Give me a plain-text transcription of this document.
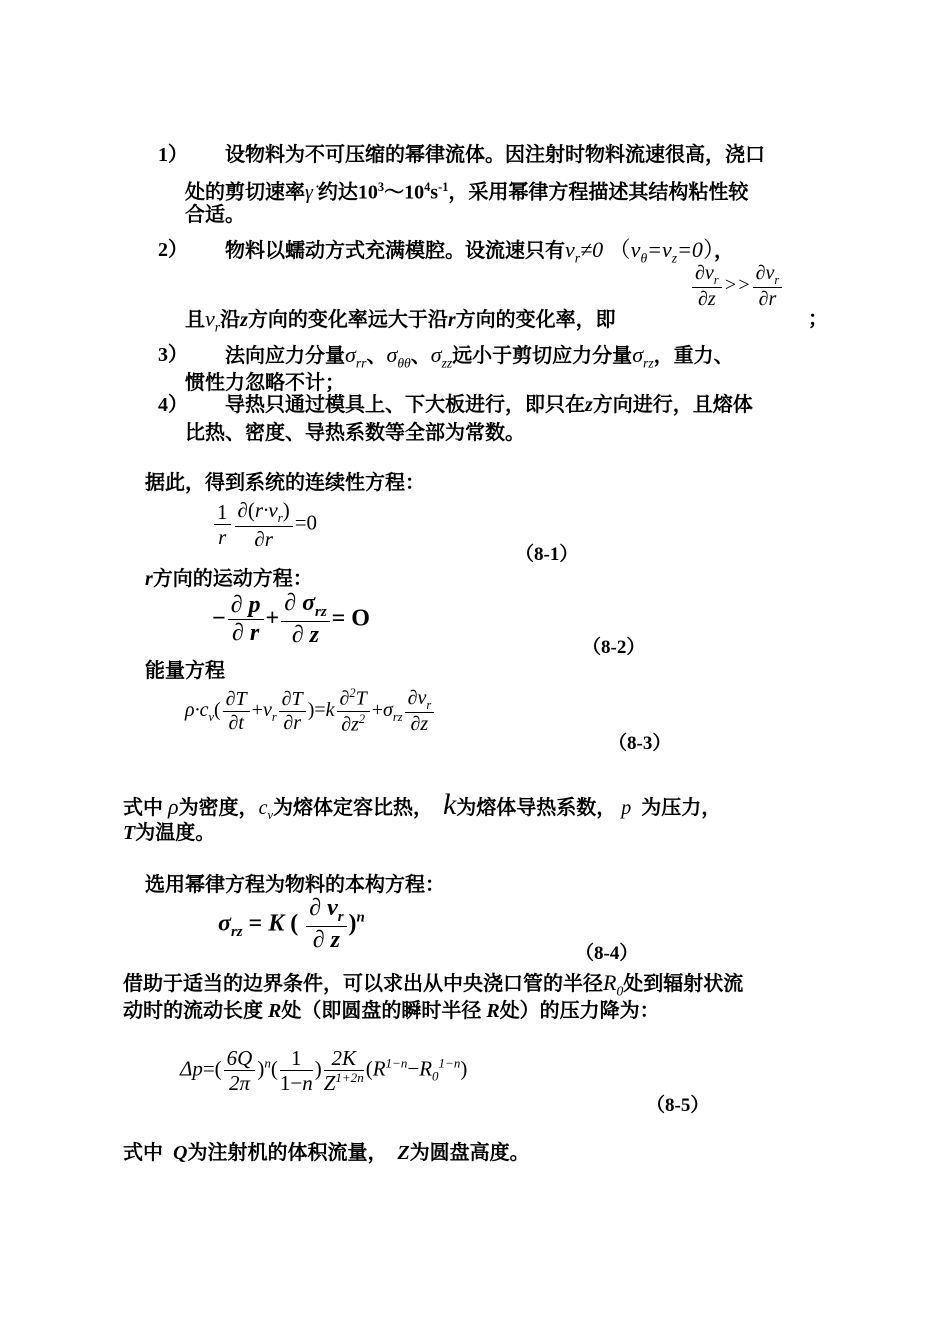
1） 设物料为不可压缩的幂律流体。因注射时物料流速很高，浇口
处的剪切速率γ̇ 约达$10^3\sim 10^4s^{-1}$，采用幂律方程描述其结构粘性较
合适。
2） 物料以蠕动方式充满模腔。设流速只有$v_r\ne 0$ $(v_\theta=v_z=0)$，
且$v_r$沿z方向的变化率远大于沿r方向的变化率，即
$\frac{\partial v_r}{\partial z} >> \frac{\partial v_r}{\partial r}$
；
3） 法向应力分量$\sigma_{rr}$、$\sigma_{\theta\theta}$、$\sigma_{zz}$远小于剪切应力分量$\sigma_{rz}$，重力、
惯性力忽略不计；
4） 导热只通过模具上、下大板进行，即只在z方向进行，且熔体
比热、密度、导热系数等全部为常数。
据此，得到系统的连续性方程：
$\frac{1}{r} \frac{\partial(r\cdot v_r)}{\partial r} =0$
（8-1）
r方向的运动方程：
− $\frac{\partial p}{\partial r} + \frac{\partial \sigma_{rz}}{\partial z} = O$
（8-2）
能量方程
$\rho\cdot c_v( \frac{\partial T}{\partial t} +v_r \frac{\partial T}{\partial r} )=k \frac{\partial^2T}{\partial z^2} +\sigma_{rz} \frac{\partial v_r}{\partial z}$
（8-3）
式中 ρ为密度，$c_v$为熔体定容比热， k为熔体导热系数， p 为压力，
T为温度。
选用幂律方程为物料的本构方程：
$\sigma_{rz} = K$ ( $\frac{\partial v_r}{\partial z} )^n$
（8-4）
借助于适当的边界条件，可以求出从中央浇口管的半径$R_0$处到辐射状流
动时的流动长度 R处（即圆盘的瞬时半径 R处）的压力降为：
$\Delta p=( \frac{6Q}{2\pi} )^n( \frac{1}{1-n}$ ) $\frac{2K}{Z^{1+2n}} (R^{1-n}-R_0^{1-n})$
（8-5）
式中 Q为注射机的体积流量， Z为圆盘高度。
